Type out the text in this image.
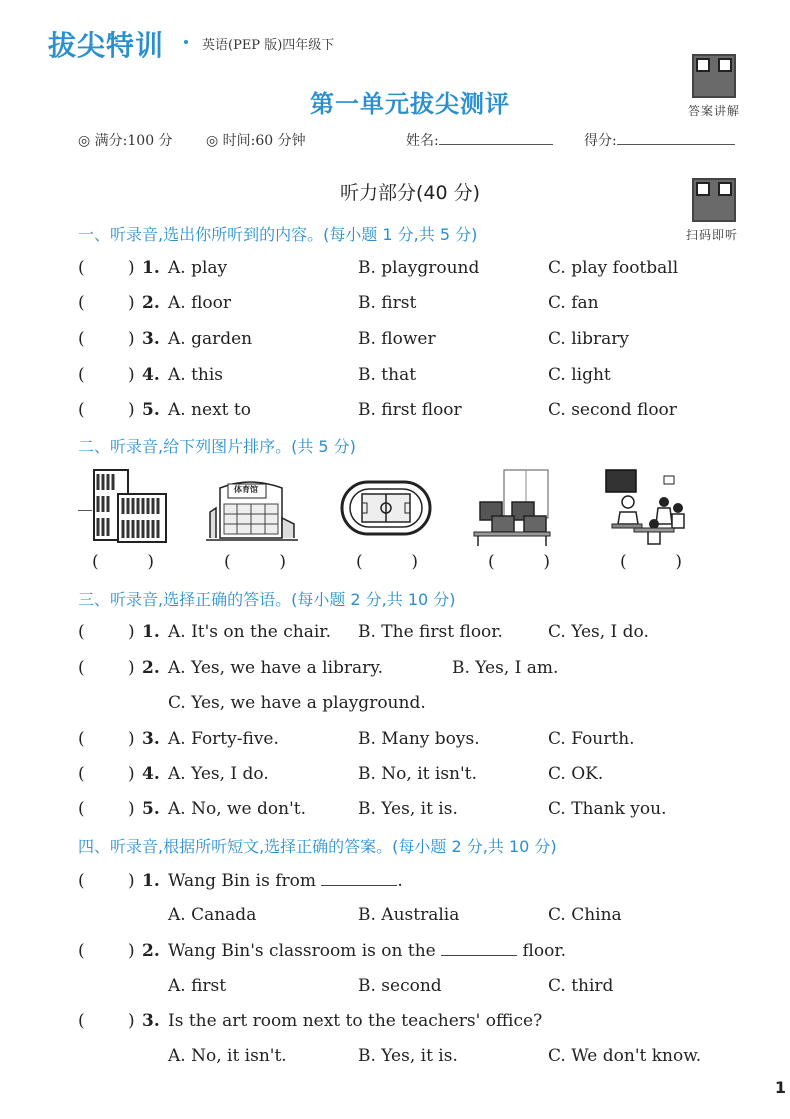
拔尖特训	英语(PEP 版)四年级下
第一单元拔尖测评	答案讲解
◎ 满分:100 分 ◎ 时间:60 分钟	姓名:	得分:
听力部分(40 分)
扫码即听
一、听录音,选出你所听到的内容。(每小题 1 分,共 5 分)
1. A. play	B. playground	C. play football
2. A. floor	B. first	C. fan
3. A. garden	B. flower	C. library
4. A. this	B. that	C. light
5. A. next to	B. first floor	C. second floor
二、听录音,给下列图片排序。(共 5 分)
体育馆
三、听录音,选择正确的答语。(每小题 2 分,共 10 分)
1. A. It's on the chair. B. The first floor.	C. Yes, I do.
2. A. Yes, we have a library.	B. Yes, I am.
C. Yes, we have a playground.
3. A. Forty-five.	B. Many boys.	C. Fourth.
4. A. Yes, I do.	B. No, it isn't.	C. OK.
5. A. No, we don't.	B. Yes, it is.	C. Thank you.
四、听录音,根据所听短文,选择正确的答案。(每小题 2 分,共 10 分)
1. Wang Bin is from	.
A. Canada	B. Australia	C. China
2. Wang Bin's classroom is on the	floor.
A. first	B. second	C. third
3. Is the art room next to the teachers' office?
A. No, it isn't.	B. Yes, it is.	C. We don't know.
1
